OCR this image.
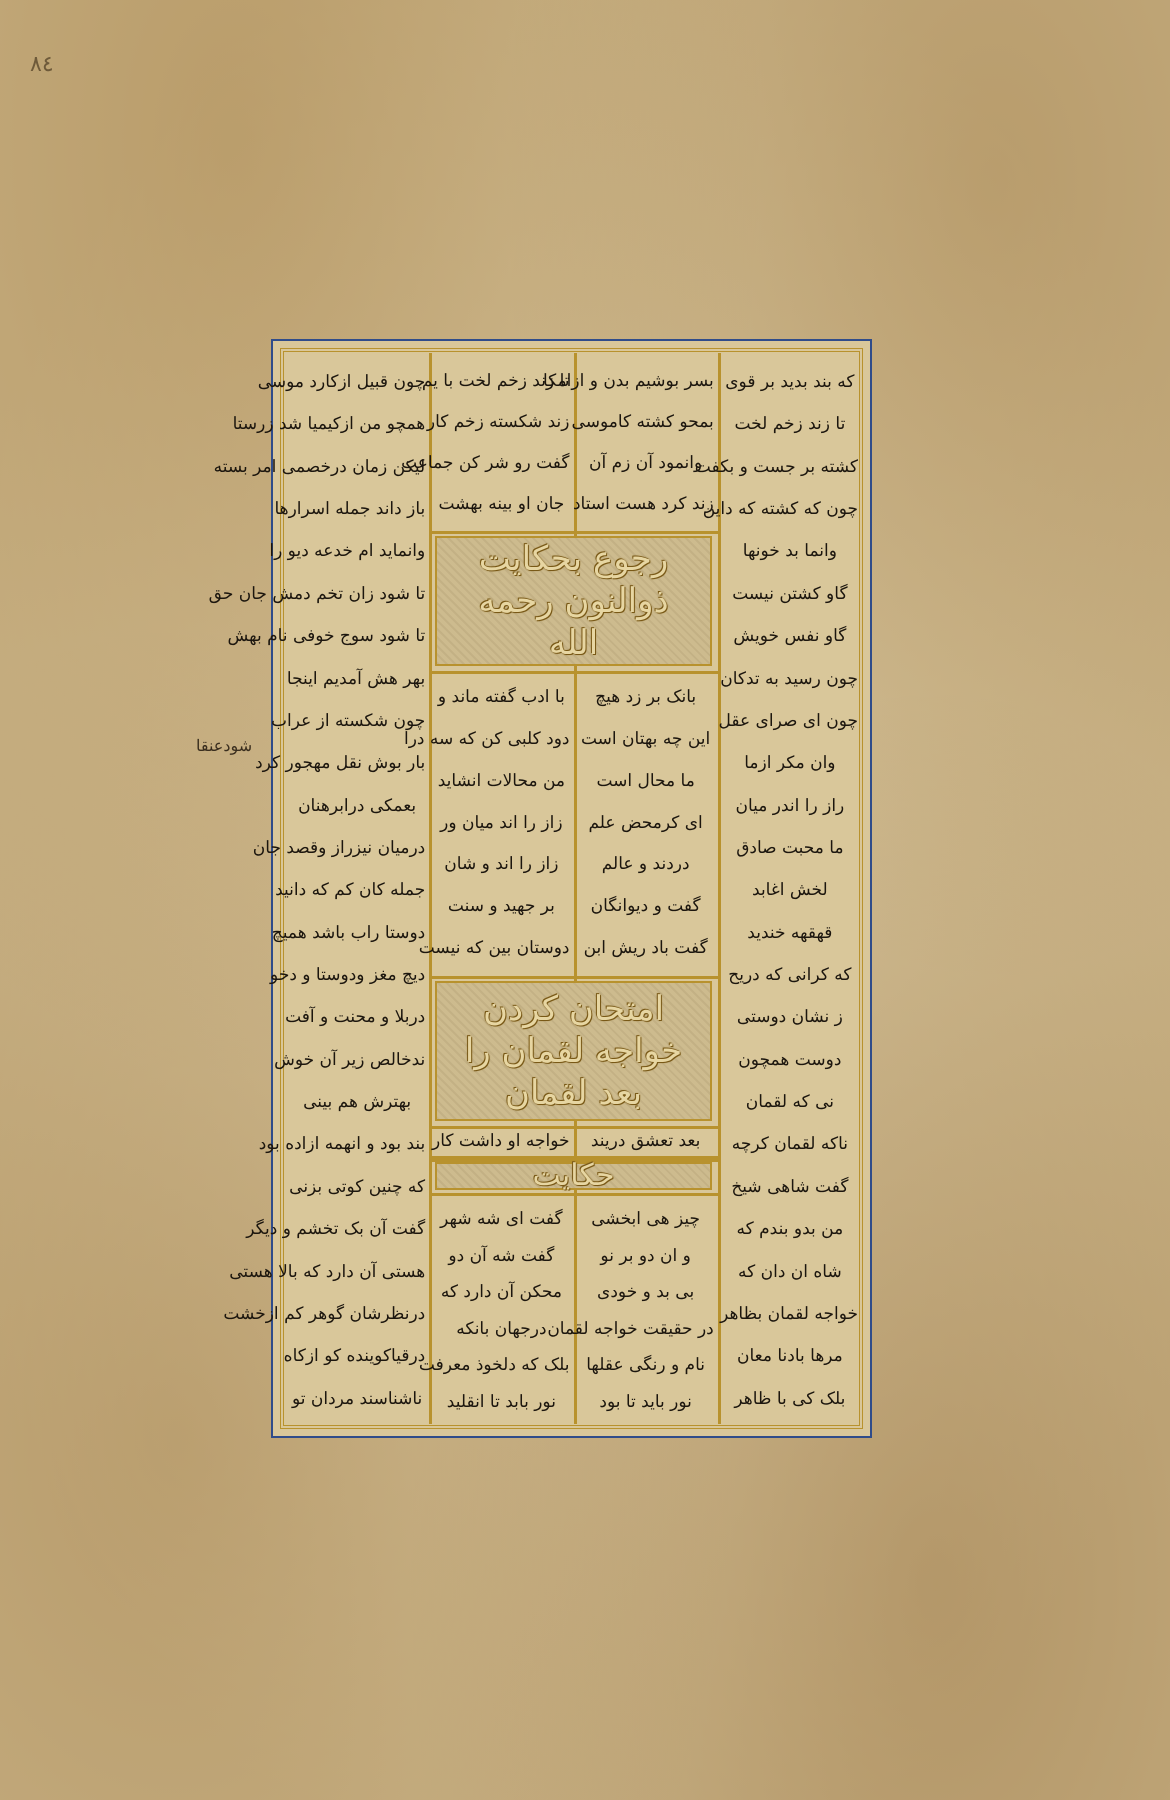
٨٤
شودعنقا
چون قبیل ازکارد موسی
همچو من ازکیمیا شد زرستا
لیکن زمان درخصمی امر بسته
باز داند جمله اسرارها
وانماید ام خدعه دیو را
تا شود زان تخم دمش جان حق
تا شود سوج خوفی نام بهش
بهر هش آمدیم اینجا
چون شکسته از عراب
بار بوش نقل مهجور کرد
بعمکی درابرهنان
درمیان نیزراز وقصد جان
جمله کان کم که دانید
دوستا راب باشد همیچ
دیچ مغز ودوستا و دخو
دربلا و محنت و آفت
ندخالص زیر آن خوش
بهترش هم بینی
بند بود و انهمه ازاده بود
که چنین کوتی بزنی
گفت آن بک تخشم و دیگر
هستی آن دارد که بالا هستی
درنظرشان گوهر کم ازخشت
درقیاکوینده کو ازکاه
ناشناسند مردان تو
که بند بدید بر قوی
تا زند زخم لخت
کشته بر جست و بکفت
چون که کشته که داین
وانما بد خونها
گاو کشتن نیست
گاو نفس خویش
چون رسید به تدکان
چون ای صرای عقل
وان مکر ازما
راز را اندر میان
ما محبت صادق
لخش اغابد
قهقهه خندید
که کرانی که دریح
ز نشان دوستی
دوست همچون
نی که لقمان
ناکه لقمان کرچه
گفت شاهی شیخ
من بدو بندم که
شاه ان دان که
خواجه لقمان بظاهر
مرها بادنا معان
بلک کی با ظاهر
تا زند زخم لخت با یم
زند شکسته زخم کار
گفت رو شر کن جماعت
جان او بینه بهشت
بسر بوشیم بدن و ازامکا
بمحو کشته کاموسی
وانمود آن زم آن
زند کرد هست استاد
با ادب گفته ماند و
دود کلبی کن که سه درا
من محالات انشاید
زاز را اند میان ور
زاز را اند و شان
بر جهید و سنت
دوستان بین که نیست
بانک بر زد هیچ
این چه بهتان است
ما محال است
ای کرمحض علم
دردند و عالم
گفت و دیوانگان
گفت باد ریش ابن
خواجه او داشت کار	بعد تعشق دریند
گفت ای شه شهر
گفت شه آن دو
محکن آن دارد که
درجهان بانکه
بلک که دلخوذ معرفت
نور بابد تا انقلید
چیز هی ابخشی
و ان دو بر نو
بی بد و خودی
در حقیقت خواجه لقمان
نام و رنگی عقلها
نور باید تا بود
رجوع بحکایت ذوالنون رحمه الله
امتحان کردن خواجه لقمان را بعد لقمان
حکایت
